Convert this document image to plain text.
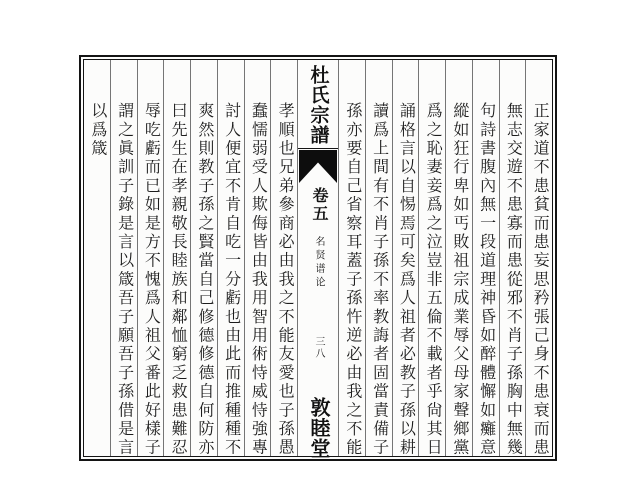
正家道不患貧而患妄思矜張己身不患衰而患
無志交遊不患寡而患從邪不肖子孫胸中無幾
句詩書腹內無一段道理神昏如醉體懈如癱意
縱如狂行卑如丐敗祖宗成業辱父母家聲鄉黨
爲之恥妻妾爲之泣豈非五倫不載者乎尙其日
誦格言以自惕焉可矣爲人祖者必教子孫以耕
讀爲上間有不肖子孫不率教誨者固當責備子
孫亦要自己省察耳蓋子孫忤逆必由我之不能
杜氏宗譜
卷五
名贤谱论
三八
敦睦堂
孝順也兄弟參商必由我之不能友愛也子孫愚
蠢懦弱受人欺侮皆由我用智用術恃威恃強專
討人便宜不肯自吃一分虧也由此而推種種不
爽然則教子孫之賢當自己修德修德自何防亦
曰先生在孝親敬長睦族和鄰恤窮乏救患難忍
辱吃虧而已如是方不愧爲人祖父番此好樣子
謂之眞訓子錄是言以箴吾子願吾子孫借是言
以爲箴
